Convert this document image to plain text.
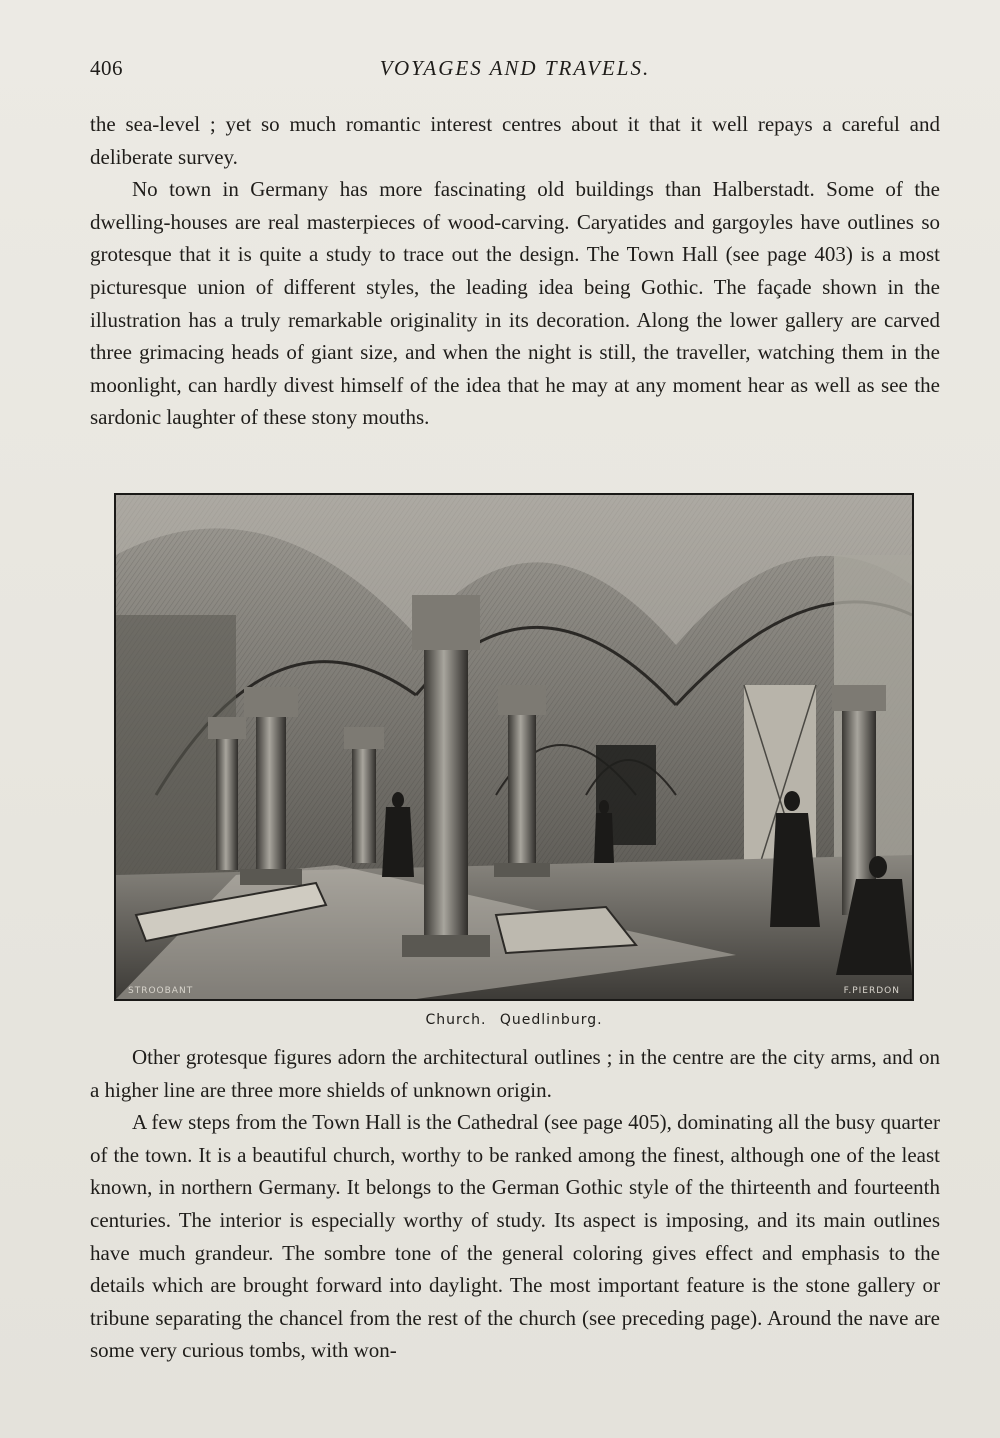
406	VOYAGES AND TRAVELS.

the sea-level ; yet so much romantic interest centres about it that it well repays a careful and deliberate survey.

No town in Germany has more fascinating old buildings than Halberstadt. Some of the dwelling-houses are real masterpieces of wood-carving. Caryatides and gargoyles have outlines so grotesque that it is quite a study to trace out the design. The Town Hall (see page 403) is a most picturesque union of different styles, the leading idea being Gothic. The façade shown in the illustration has a truly remarkable originality in its decoration. Along the lower gallery are carved three grimacing heads of giant size, and when the night is still, the traveller, watching them in the moonlight, can hardly divest himself of the idea that he may at any moment hear as well as see the sardonic laughter of these stony mouths.

STROOBANT	F.PIERDON
Church. Quedlinburg.

Other grotesque figures adorn the architectural outlines ; in the centre are the city arms, and on a higher line are three more shields of unknown origin.

A few steps from the Town Hall is the Cathedral (see page 405), dominating all the busy quarter of the town. It is a beautiful church, worthy to be ranked among the finest, although one of the least known, in northern Germany. It belongs to the German Gothic style of the thirteenth and fourteenth centuries. The interior is especially worthy of study. Its aspect is imposing, and its main outlines have much grandeur. The sombre tone of the general coloring gives effect and emphasis to the details which are brought forward into daylight. The most important feature is the stone gallery or tribune separating the chancel from the rest of the church (see preceding page). Around the nave are some very curious tombs, with won-
